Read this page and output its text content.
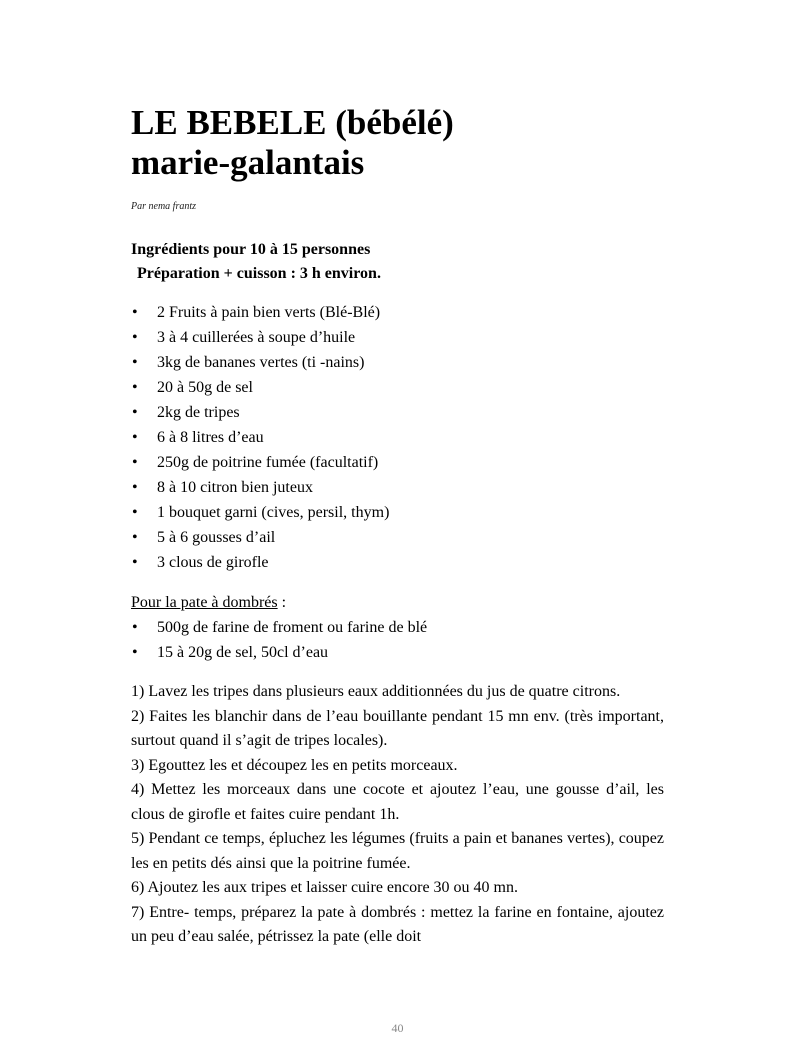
LE BEBELE (bébélé)
marie-galantais
Par nema frantz
Ingrédients pour 10 à 15 personnes
Préparation + cuisson : 3 h environ.
• 2 Fruits à pain bien verts (Blé-Blé)
• 3 à 4 cuillerées à soupe d’huile
• 3kg de bananes vertes (ti -nains)
• 20 à 50g de sel
• 2kg de tripes
• 6 à 8 litres d’eau
• 250g de poitrine fumée (facultatif)
• 8 à 10 citron bien juteux
• 1 bouquet garni (cives, persil, thym)
• 5 à 6 gousses d’ail
• 3 clous de girofle
Pour la pate à dombrés :
• 500g de farine de froment ou farine de blé
• 15 à 20g de sel, 50cl d’eau

1) Lavez les tripes dans plusieurs eaux additionnées du jus de quatre citrons.

2) Faites les blanchir dans de l’eau bouillante pendant 15 mn env. (très important, surtout quand il s’agit de tripes locales).

3) Egouttez les et découpez les en petits morceaux.

4) Mettez les morceaux dans une cocote et ajoutez l’eau, une gousse d’ail, les clous de girofle et faites cuire pendant 1h.

5) Pendant ce temps, épluchez les légumes (fruits a pain et bananes vertes), coupez les en petits dés ainsi que la poitrine fumée.

6) Ajoutez les aux tripes et laisser cuire encore 30 ou 40 mn.

7) Entre- temps, préparez la pate à dombrés : mettez la farine en fontaine, ajoutez un peu d’eau salée, pétrissez la pate (elle doit

40
